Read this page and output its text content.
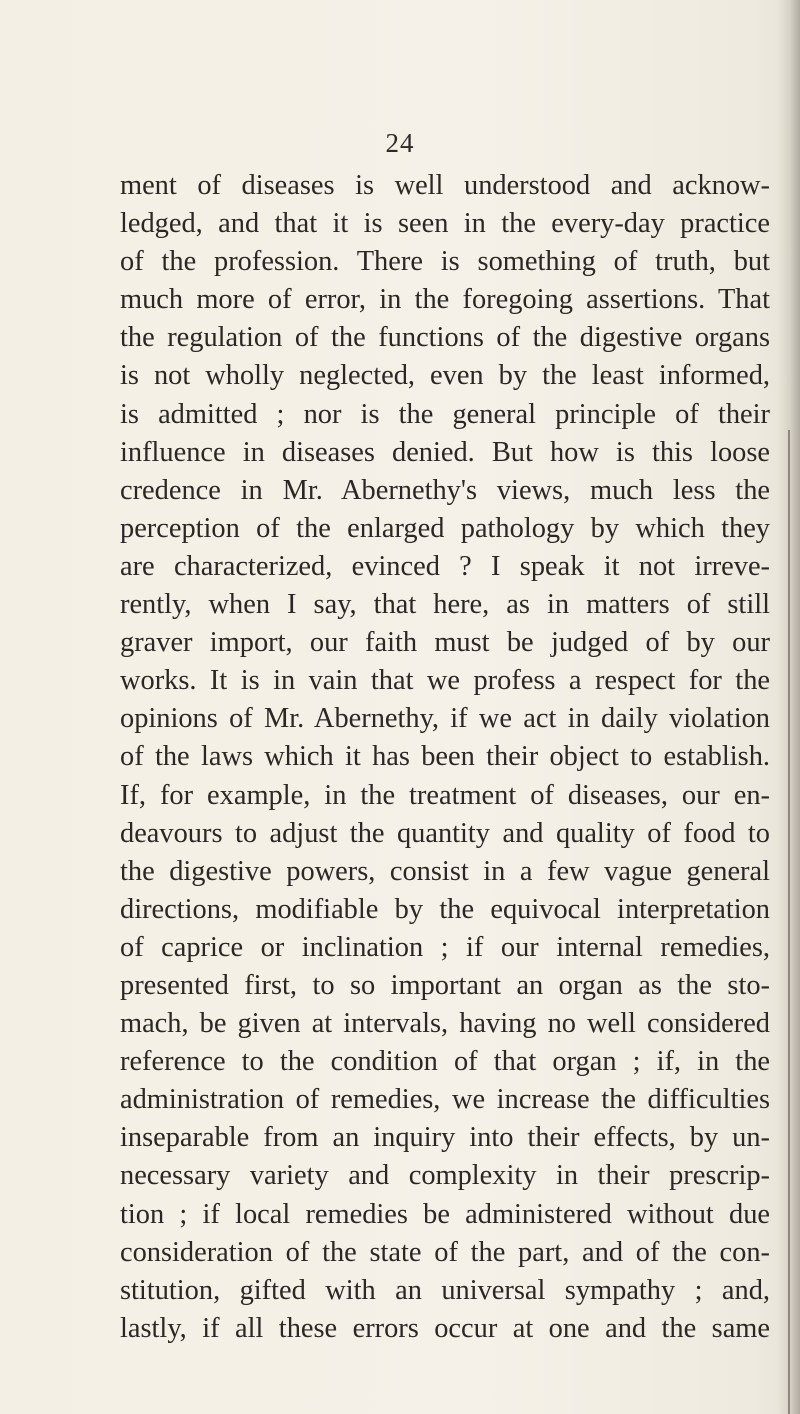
24
ment of diseases is well understood and acknow-
ledged, and that it is seen in the every-day practice
of the profession. There is something of truth, but
much more of error, in the foregoing assertions. That
the regulation of the functions of the digestive organs
is not wholly neglected, even by the least informed,
is admitted ; nor is the general principle of their
influence in diseases denied. But how is this loose
credence in Mr. Abernethy's views, much less the
perception of the enlarged pathology by which they
are characterized, evinced ? I speak it not irreve-
rently, when I say, that here, as in matters of still
graver import, our faith must be judged of by our
works. It is in vain that we profess a respect for the
opinions of Mr. Abernethy, if we act in daily violation
of the laws which it has been their object to establish.
If, for example, in the treatment of diseases, our en-
deavours to adjust the quantity and quality of food to
the digestive powers, consist in a few vague general
directions, modifiable by the equivocal interpretation
of caprice or inclination ; if our internal remedies,
presented first, to so important an organ as the sto-
mach, be given at intervals, having no well considered
reference to the condition of that organ ; if, in the
administration of remedies, we increase the difficulties
inseparable from an inquiry into their effects, by un-
necessary variety and complexity in their prescrip-
tion ; if local remedies be administered without due
consideration of the state of the part, and of the con-
stitution, gifted with an universal sympathy ; and,
lastly, if all these errors occur at one and the same
